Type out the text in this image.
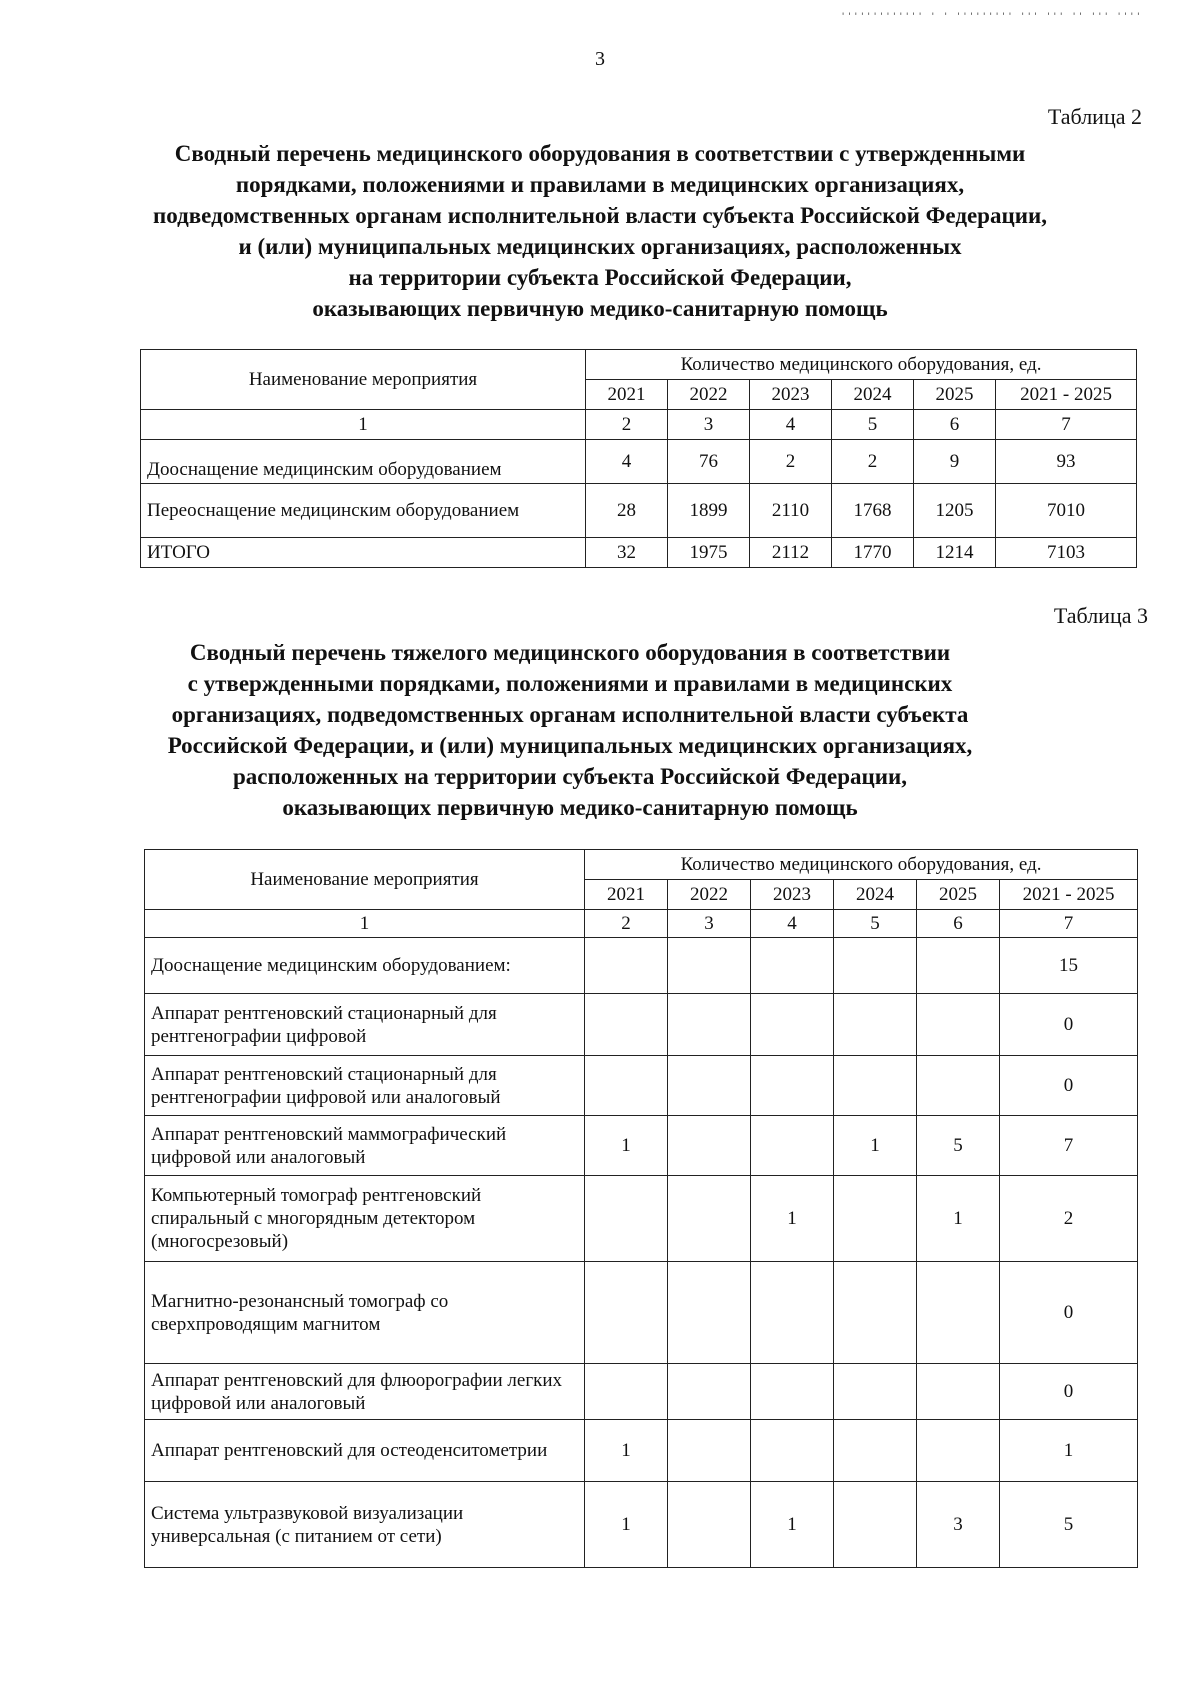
''''''''''''' ' ' ''''''''' ''' ''' '' ''' ''''
3
Таблица 2
Сводный перечень медицинского оборудования в соответствии с утвержденными
порядками, положениями и правилами в медицинских организациях,
подведомственных органам исполнительной власти субъекта Российской Федерации,
и (или) муниципальных медицинских организациях, расположенных
на территории субъекта Российской Федерации,
оказывающих первичную медико-санитарную помощь
Наименование мероприятия	Количество медицинского оборудования, ед.					
	2021	2022	2023	2024	2025	2021 - 2025
1	2	3	4	5	6	7
Дооснащение медицинским оборудованием	4	76	2	2	9	93
Переоснащение медицинским оборудованием	28	1899	2110	1768	1205	7010
ИТОГО	32	1975	2112	1770	1214	7103
Таблица 3
Сводный перечень тяжелого медицинского оборудования в соответствии
с утвержденными порядками, положениями и правилами в медицинских
организациях, подведомственных органам исполнительной власти субъекта
Российской Федерации, и (или) муниципальных медицинских организациях,
расположенных на территории субъекта Российской Федерации,
оказывающих первичную медико-санитарную помощь
Наименование мероприятия	Количество медицинского оборудования, ед.					
	2021	2022	2023	2024	2025	2021 - 2025
1	2	3	4	5	6	7
Дооснащение медицинским оборудованием:						15
Аппарат рентгеновский стационарный для рентгенографии цифровой						0
Аппарат рентгеновский стационарный для рентгенографии цифровой или аналоговый						0
Аппарат рентгеновский маммографический цифровой или аналоговый	1			1	5	7
Компьютерный томограф рентгеновский спиральный с многорядным детектором (многосрезовый)			1		1	2
Магнитно-резонансный томограф со сверхпроводящим магнитом						0
Аппарат рентгеновский для флюорографии легких цифровой или аналоговый						0
Аппарат рентгеновский для остеоденситометрии	1					1
Система ультразвуковой визуализации универсальная (с питанием от сети)	1		1		3	5
